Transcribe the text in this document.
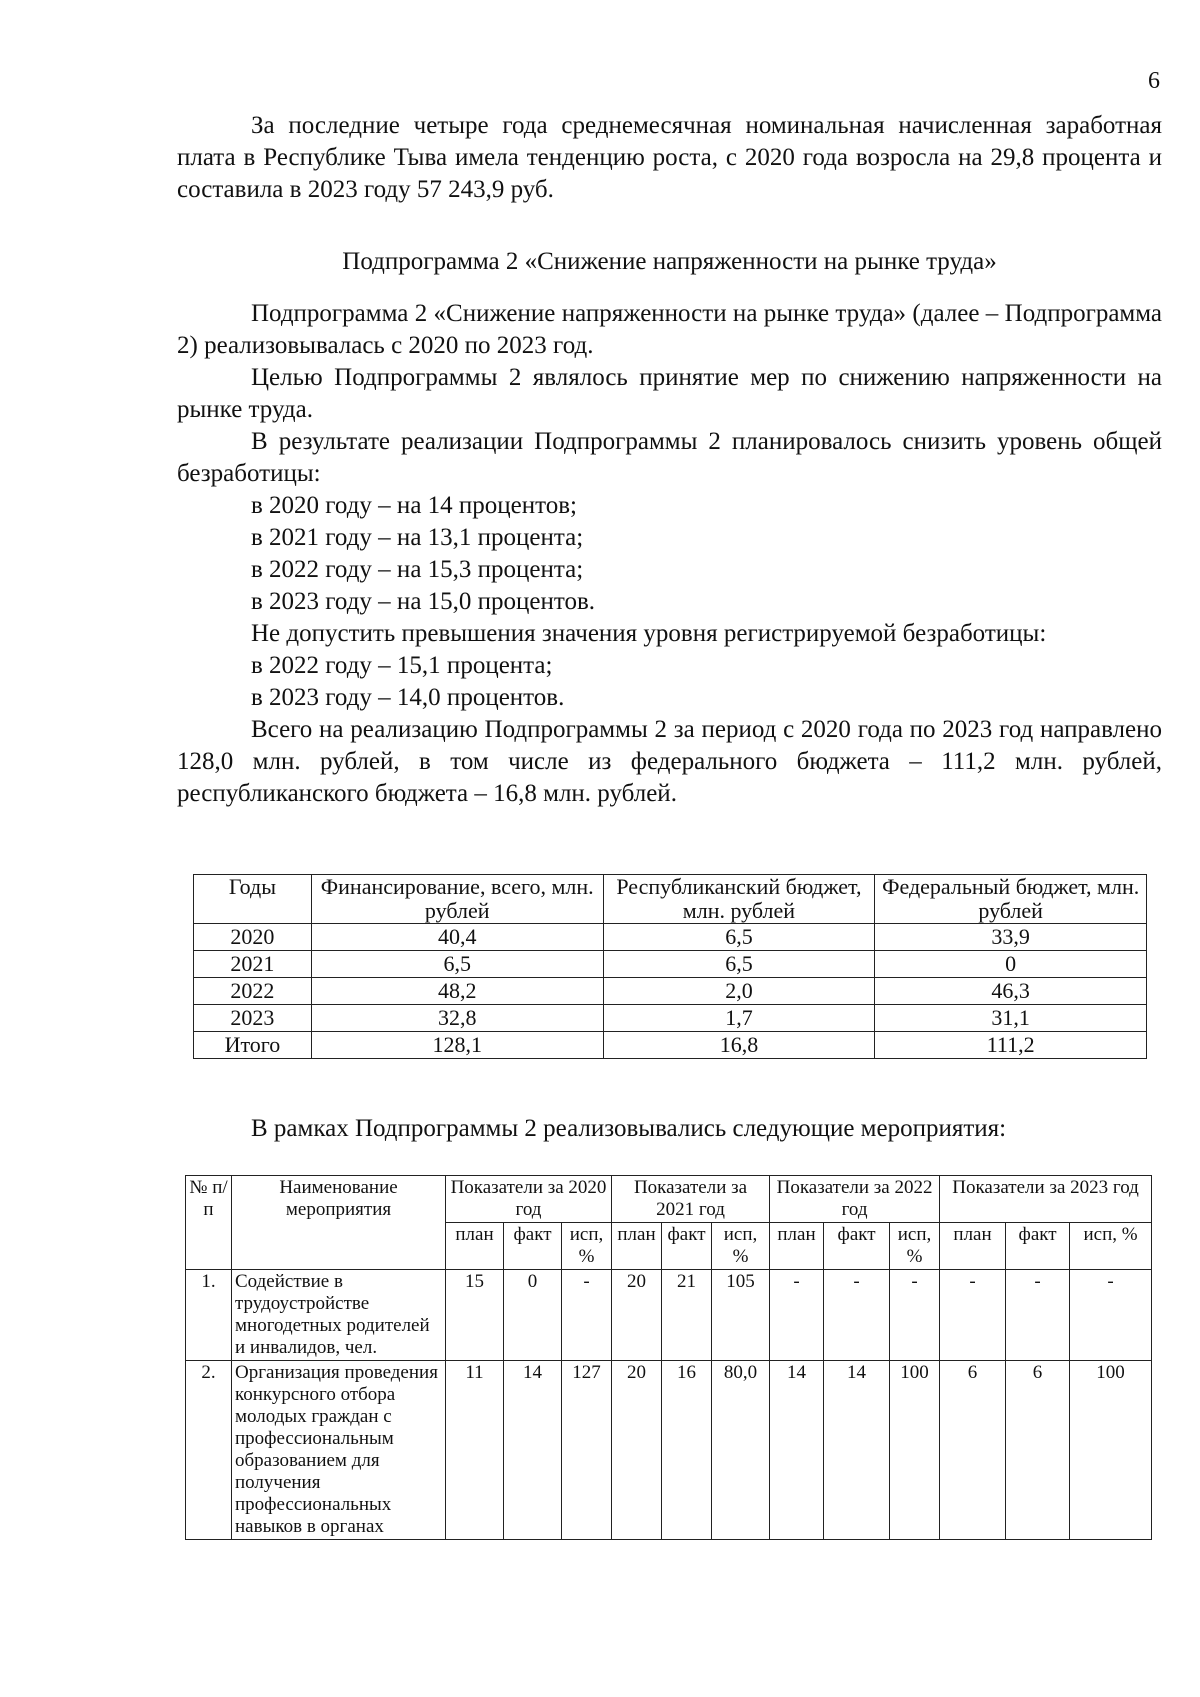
6

За последние четыре года среднемесячная номинальная начисленная заработная плата в Республике Тыва имела тенденцию роста, с 2020 года возросла на 29,8 процента и составила в 2023 году 57 243,9 руб.

Подпрограмма 2 «Снижение напряженности на рынке труда»

Подпрограмма 2 «Снижение напряженности на рынке труда» (далее – Подпрограмма 2) реализовывалась с 2020 по 2023 год.

Целью Подпрограммы 2 являлось принятие мер по снижению напряженности на рынке труда.

В результате реализации Подпрограммы 2 планировалось снизить уровень общей безработицы:

в 2020 году – на 14 процентов;

в 2021 году – на 13,1 процента;

в 2022 году – на 15,3 процента;

в 2023 году – на 15,0 процентов.

Не допустить превышения значения уровня регистрируемой безработицы:

в 2022 году – 15,1 процента;

в 2023 году – 14,0 процентов.

Всего на реализацию Подпрограммы 2 за период с 2020 года по 2023 год направлено 128,0 млн. рублей, в том числе из федерального бюджета – 111,2 млн. рублей, республиканского бюджета – 16,8 млн. рублей.

Годы	Финансирование, всего, млн. рублей	Республиканский бюджет, млн. рублей	Федеральный бюджет, млн. рублей
2020	40,4	6,5	33,9
2021	6,5	6,5	0
2022	48,2	2,0	46,3
2023	32,8	1,7	31,1
Итого	128,1	16,8	111,2
В рамках Подпрограммы 2 реализовывались следующие мероприятия:
№ п/п	Наименование мероприятия	Показатели за 2020 год			Показатели за 2021 год			Показатели за 2022 год			Показатели за 2023 год		
		план	факт	исп, %	план	факт	исп, %	план	факт	исп, %	план	факт	исп, %
1.	Содействие в трудоустройстве многодетных родителей и инвалидов, чел.	15	0	-	20	21	105	-	-	-	-	-	-
2.	Организация проведения конкурсного отбора молодых граждан с профессиональным образованием для получения профессиональных навыков в органах	11	14	127	20	16	80,0	14	14	100	6	6	100
